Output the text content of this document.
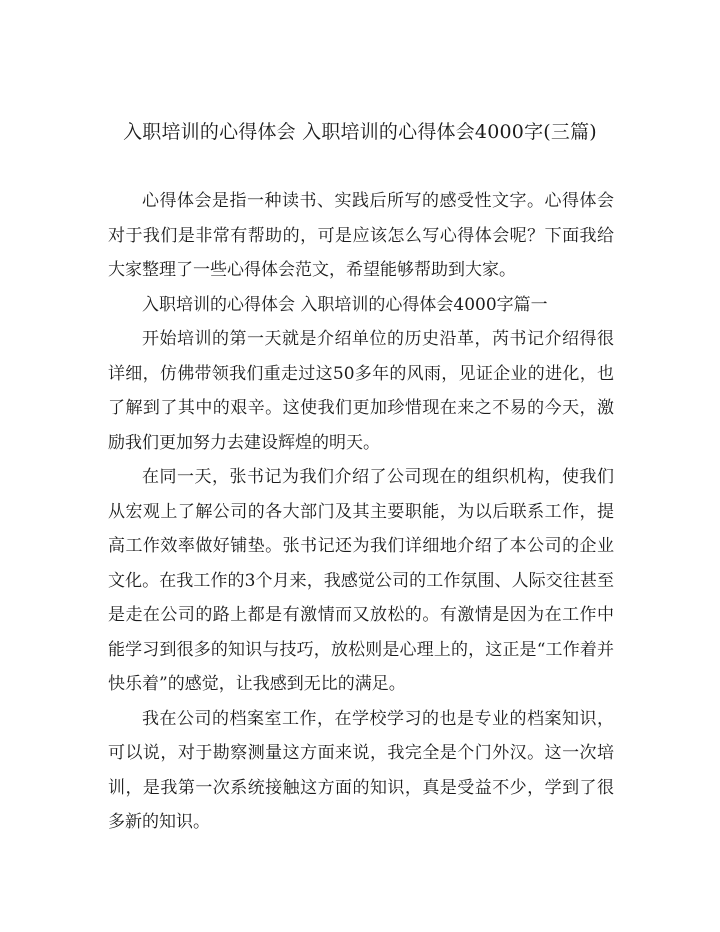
入职培训的心得体会 入职培训的心得体会4000字(三篇)

心得体会是指一种读书、实践后所写的感受性文字。心得体会对于我们是非常有帮助的，可是应该怎么写心得体会呢？下面我给大家整理了一些心得体会范文，希望能够帮助到大家。

入职培训的心得体会 入职培训的心得体会4000字篇一

开始培训的第一天就是介绍单位的历史沿革，芮书记介绍得很详细，仿佛带领我们重走过这50多年的风雨，见证企业的进化，也了解到了其中的艰辛。这使我们更加珍惜现在来之不易的今天，激励我们更加努力去建设辉煌的明天。

在同一天，张书记为我们介绍了公司现在的组织机构，使我们从宏观上了解公司的各大部门及其主要职能，为以后联系工作，提高工作效率做好铺垫。张书记还为我们详细地介绍了本公司的企业文化。在我工作的3个月来，我感觉公司的工作氛围、人际交往甚至是走在公司的路上都是有激情而又放松的。有激情是因为在工作中能学习到很多的知识与技巧，放松则是心理上的，这正是“工作着并快乐着”的感觉，让我感到无比的满足。

我在公司的档案室工作，在学校学习的也是专业的档案知识，可以说，对于勘察测量这方面来说，我完全是个门外汉。这一次培训，是我第一次系统接触这方面的知识，真是受益不少，学到了很多新的知识。
